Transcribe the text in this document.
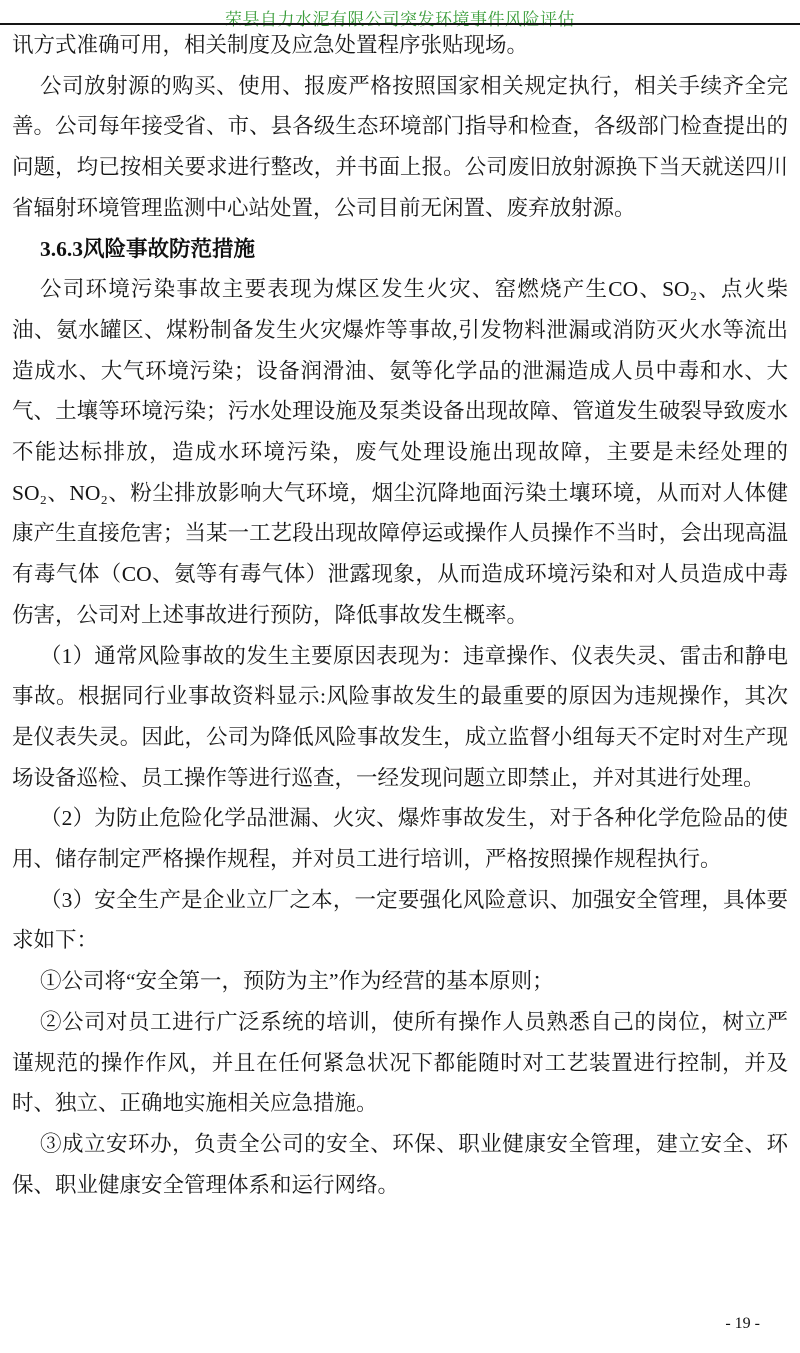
荣县自力水泥有限公司突发环境事件风险评估

讯方式准确可用，相关制度及应急处置程序张贴现场。

公司放射源的购买、使用、报废严格按照国家相关规定执行，相关手续齐全完善。公司每年接受省、市、县各级生态环境部门指导和检查，各级部门检查提出的问题，均已按相关要求进行整改，并书面上报。公司废旧放射源换下当天就送四川省辐射环境管理监测中心站处置，公司目前无闲置、废弃放射源。

3.6.3风险事故防范措施

公司环境污染事故主要表现为煤区发生火灾、窑燃烧产生CO、SO₂、点火柴油、氨水罐区、煤粉制备发生火灾爆炸等事故,引发物料泄漏或消防灭火水等流出造成水、大气环境污染；设备润滑油、氨等化学品的泄漏造成人员中毒和水、大气、土壤等环境污染；污水处理设施及泵类设备出现故障、管道发生破裂导致废水不能达标排放，造成水环境污染，废气处理设施出现故障，主要是未经处理的SO₂、NO₂、粉尘排放影响大气环境，烟尘沉降地面污染土壤环境，从而对人体健康产生直接危害；当某一工艺段出现故障停运或操作人员操作不当时，会出现高温有毒气体（CO、氨等有毒气体）泄露现象，从而造成环境污染和对人员造成中毒伤害，公司对上述事故进行预防，降低事故发生概率。

（1）通常风险事故的发生主要原因表现为：违章操作、仪表失灵、雷击和静电事故。根据同行业事故资料显示:风险事故发生的最重要的原因为违规操作，其次是仪表失灵。因此，公司为降低风险事故发生，成立监督小组每天不定时对生产现场设备巡检、员工操作等进行巡查，一经发现问题立即禁止，并对其进行处理。

（2）为防止危险化学品泄漏、火灾、爆炸事故发生，对于各种化学危险品的使用、储存制定严格操作规程，并对员工进行培训，严格按照操作规程执行。

（3）安全生产是企业立厂之本，一定要强化风险意识、加强安全管理，具体要求如下：

①公司将“安全第一，预防为主”作为经营的基本原则；

②公司对员工进行广泛系统的培训，使所有操作人员熟悉自己的岗位，树立严谨规范的操作作风，并且在任何紧急状况下都能随时对工艺装置进行控制，并及时、独立、正确地实施相关应急措施。

③成立安环办，负责全公司的安全、环保、职业健康安全管理，建立安全、环保、职业健康安全管理体系和运行网络。

- 19 -
